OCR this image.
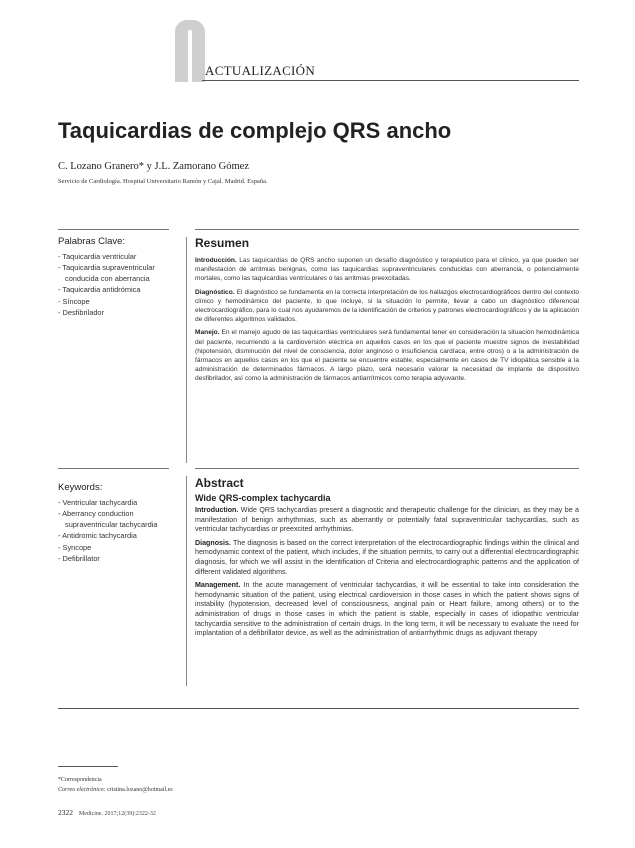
ACTUALIZACIÓN
Taquicardias de complejo QRS ancho
C. Lozano Granero* y J.L. Zamorano Gómez
Servicio de Cardiología. Hospital Universitario Ramón y Cajal. Madrid. España.
Palabras Clave:
- Taquicardia ventricular
- Taquicardia supraventricular conducida con aberrancia
- Taquicardia antidrómica
- Síncope
- Desfibrilador
Resumen

Introducción. Las taquicardias de QRS ancho suponen un desafío diagnóstico y terapéutico para el clínico, ya que pueden ser manifestación de arritmias benignas, como las taquicardias supraventriculares conducidas con aberrancia, o potencialmente mortales, como las taquicardias ventriculares o las arritmias preexcitadas.

Diagnóstico. El diagnóstico se fundamenta en la correcta interpretación de los hallazgos electrocardiográficos dentro del contexto clínico y hemodinámico del paciente, lo que incluye, si la situación lo permite, llevar a cabo un diagnóstico diferencial electrocardiográfico, para lo cual nos ayudaremos de la identificación de criterios y patrones electrocardiográficos y de la aplicación de diferentes algoritmos validados.

Manejo. En el manejo agudo de las taquicardias ventriculares será fundamental tener en consideración la situación hemodinámica del paciente, recurriendo a la cardioversión eléctrica en aquellos casos en los que el paciente muestre signos de inestabilidad (hipotensión, disminución del nivel de consciencia, dolor anginoso o insuficiencia cardíaca, entre otros) o a la administración de fármacos en aquellos casos en los que el paciente se encuentre estable, especialmente en casos de TV idiopática sensible a la administración de determinados fármacos. A largo plazo, será necesario valorar la necesidad de implante de dispositivo desfibrilador, así como la administración de fármacos antiarrítmicos como terapia adyuvante.

Keywords:
- Ventricular tachycardia
- Aberrancy conduction supraventricular tachycardia
- Antidromic tachycardia
- Syncope
- Defibrillator
Abstract
Wide QRS-complex tachycardia

Introduction. Wide QRS tachycardias present a diagnostic and therapeutic challenge for the clinician, as they may be a manifestation of benign arrhythmias, such as aberrantly or potentially fatal supraventricular tachycardias, such as ventricular tachycardias or preexcited arrhythmias.

Diagnosis. The diagnosis is based on the correct interpretation of the electrocardiographic findings within the clinical and hemodynamic context of the patient, which includes, if the situation permits, to carry out a differential electrocardiographic diagnosis, for which we will assist in the identification of Criteria and electrocardiographic patterns and the application of different validated algorithms.

Management. In the acute management of ventricular tachycardias, it will be essential to take into consideration the hemodynamic situation of the patient, using electrical cardioversion in those cases in which the patient shows signs of instability (hypotension, decreased level of consciousness, anginal pain or Heart failure, among others) or to the administration of drugs in those cases in which the patient is stable, especially in cases of idiopathic ventricular tachycardia sensitive to the administration of certain drugs. In the long term, it will be necessary to evaluate the need for implantation of a defibrillator device, as well as the administration of antiarrhythmic drugs as adjuvant therapy

*Correspondencia
Correo electrónico: cristina.lozano@hotmail.es
2322 Medicine. 2017;12(39):2322-32
